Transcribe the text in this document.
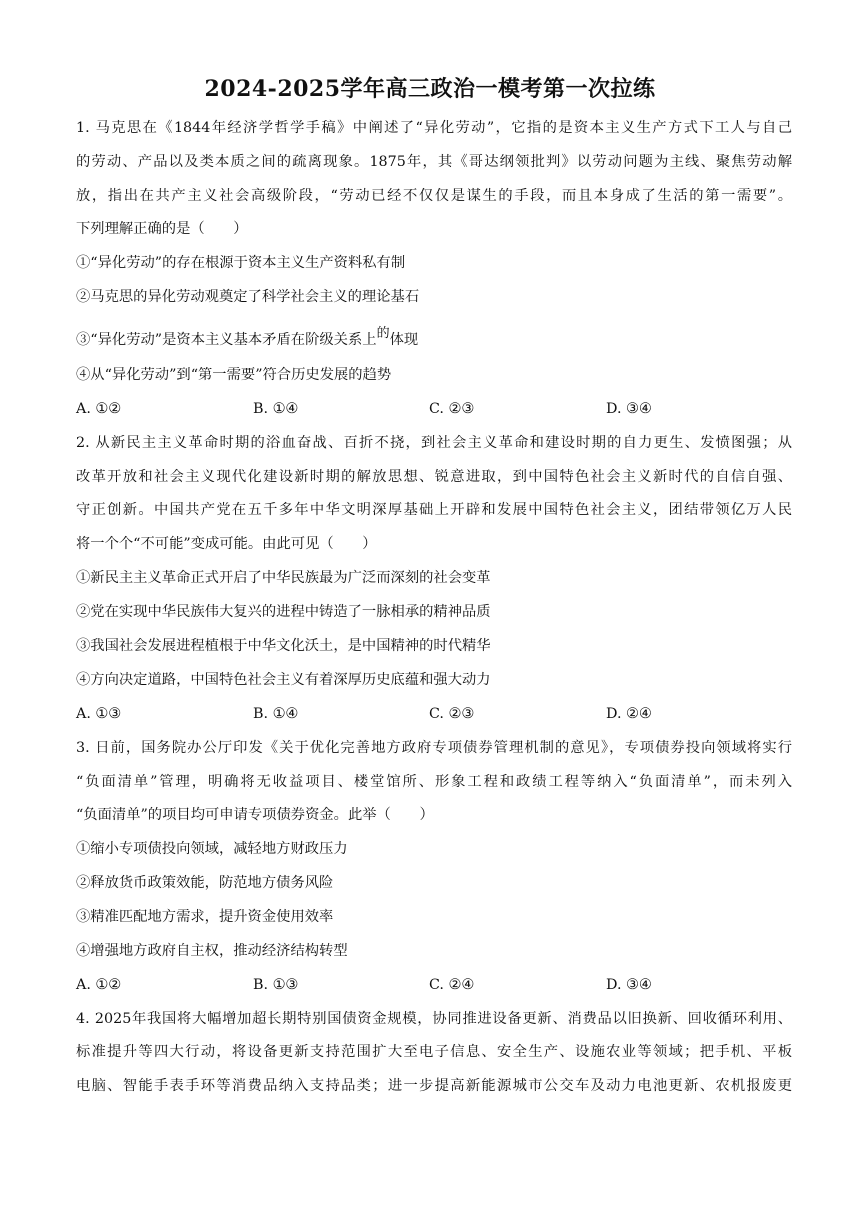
2024-2025学年高三政治一模考第一次拉练
1. 马克思在《1844年经济学哲学手稿》中阐述了“异化劳动”，它指的是资本主义生产方式下工人与自己
的劳动、产品以及类本质之间的疏离现象。1875年，其《哥达纲领批判》以劳动问题为主线、聚焦劳动解
放，指出在共产主义社会高级阶段，“劳动已经不仅仅是谋生的手段，而且本身成了生活的第一需要”。
下列理解正确的是（　　）
①“异化劳动”的存在根源于资本主义生产资料私有制
②马克思的异化劳动观奠定了科学社会主义的理论基石
③“异化劳动”是资本主义基本矛盾在阶级关系上的体现
④从“异化劳动”到“第一需要”符合历史发展的趋势
A. ①②	B. ①④	C. ②③	D. ③④
2. 从新民主主义革命时期的浴血奋战、百折不挠，到社会主义革命和建设时期的自力更生、发愤图强；从
改革开放和社会主义现代化建设新时期的解放思想、锐意进取，到中国特色社会主义新时代的自信自强、
守正创新。中国共产党在五千多年中华文明深厚基础上开辟和发展中国特色社会主义，团结带领亿万人民
将一个个“不可能”变成可能。由此可见（　　）
①新民主主义革命正式开启了中华民族最为广泛而深刻的社会变革
②党在实现中华民族伟大复兴的进程中铸造了一脉相承的精神品质
③我国社会发展进程植根于中华文化沃土，是中国精神的时代精华
④方向决定道路，中国特色社会主义有着深厚历史底蕴和强大动力
A. ①③	B. ①④	C. ②③	D. ②④
3. 日前，国务院办公厅印发《关于优化完善地方政府专项债券管理机制的意见》，专项债券投向领域将实行
“负面清单”管理，明确将无收益项目、楼堂馆所、形象工程和政绩工程等纳入“负面清单”，而未列入
“负面清单”的项目均可申请专项债券资金。此举（　　）
①缩小专项债投向领域，减轻地方财政压力
②释放货币政策效能，防范地方债务风险
③精准匹配地方需求，提升资金使用效率
④增强地方政府自主权，推动经济结构转型
A. ①②	B. ①③	C. ②④	D. ③④
4. 2025年我国将大幅增加超长期特别国债资金规模，协同推进设备更新、消费品以旧换新、回收循环利用、
标准提升等四大行动，将设备更新支持范围扩大至电子信息、安全生产、设施农业等领域；把手机、平板
电脑、智能手表手环等消费品纳入支持品类；进一步提高新能源城市公交车及动力电池更新、农机报废更
